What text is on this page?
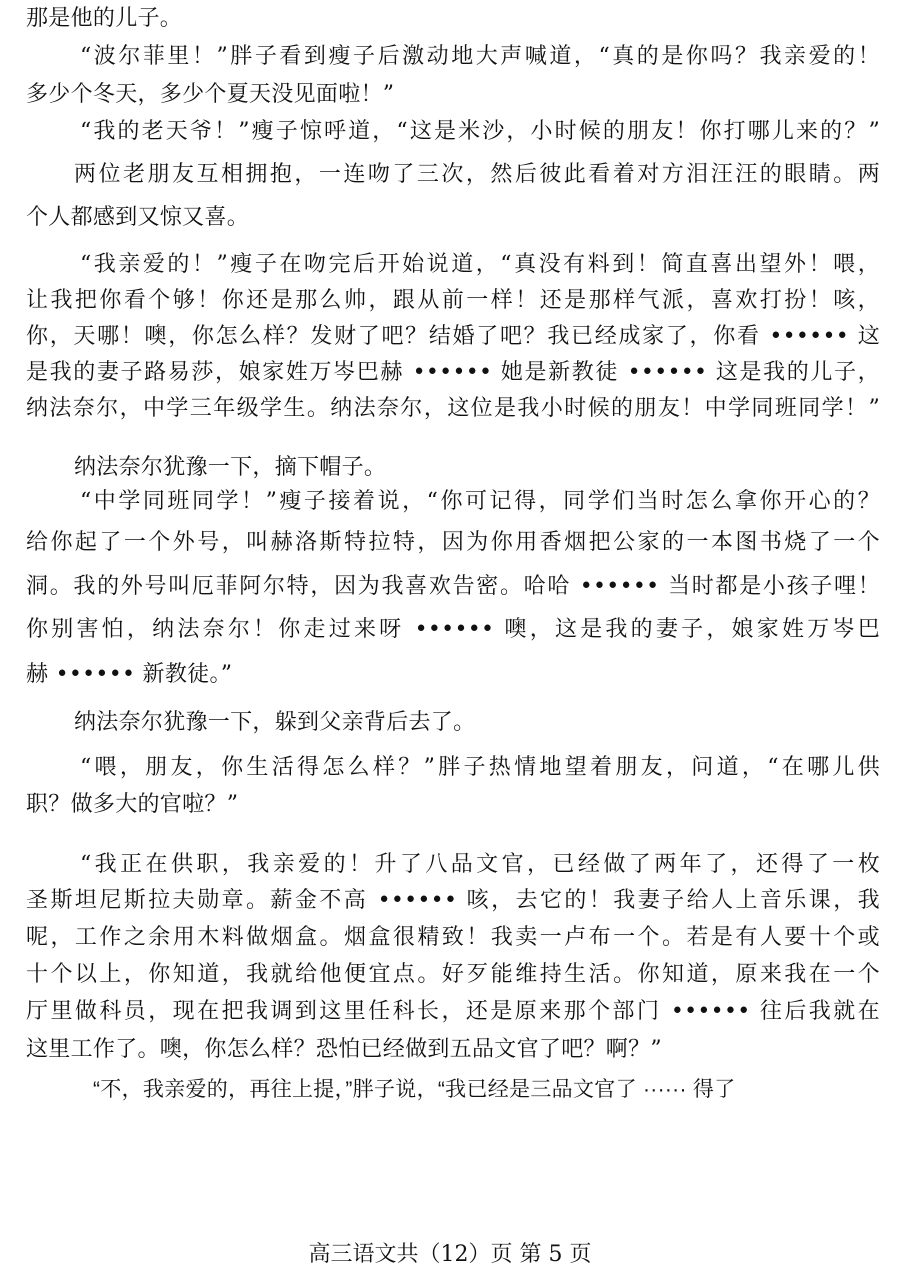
那是他的儿子。
“波尔菲里！”胖子看到瘦子后激动地大声喊道，“真的是你吗？我亲爱的！
多少个冬天，多少个夏天没见面啦！”
“我的老天爷！”瘦子惊呼道，“这是米沙，小时候的朋友！你打哪儿来的？”
两位老朋友互相拥抱，一连吻了三次，然后彼此看着对方泪汪汪的眼睛。两
个人都感到又惊又喜。
“我亲爱的！”瘦子在吻完后开始说道，“真没有料到！简直喜出望外！喂，
让我把你看个够！你还是那么帅，跟从前一样！还是那样气派，喜欢打扮！咳，
你，天哪！噢，你怎么样？发财了吧？结婚了吧？我已经成家了，你看 •••••• 这
是我的妻子路易莎，娘家姓万岑巴赫 •••••• 她是新教徒 •••••• 这是我的儿子，
纳法奈尔，中学三年级学生。纳法奈尔，这位是我小时候的朋友！中学同班同学！”
纳法奈尔犹豫一下，摘下帽子。
“中学同班同学！”瘦子接着说，“你可记得，同学们当时怎么拿你开心的？
给你起了一个外号，叫赫洛斯特拉特，因为你用香烟把公家的一本图书烧了一个
洞。我的外号叫厄菲阿尔特，因为我喜欢告密。哈哈 •••••• 当时都是小孩子哩！
你别害怕，纳法奈尔！你走过来呀 •••••• 噢，这是我的妻子，娘家姓万岑巴
赫 •••••• 新教徒。”
纳法奈尔犹豫一下，躲到父亲背后去了。
“喂，朋友，你生活得怎么样？”胖子热情地望着朋友，问道，“在哪儿供
职？做多大的官啦？”
“我正在供职，我亲爱的！升了八品文官，已经做了两年了，还得了一枚
圣斯坦尼斯拉夫勋章。薪金不高 •••••• 咳，去它的！我妻子给人上音乐课，我
呢，工作之余用木料做烟盒。烟盒很精致！我卖一卢布一个。若是有人要十个或
十个以上，你知道，我就给他便宜点。好歹能维持生活。你知道，原来我在一个
厅里做科员，现在把我调到这里任科长，还是原来那个部门 •••••• 往后我就在
这里工作了。噢，你怎么样？恐怕已经做到五品文官了吧？啊？”
“不，我亲爱的，再往上提，”胖子说，“我已经是三品文官了 ······ 得了
高三语文共（12）页 第 5 页
